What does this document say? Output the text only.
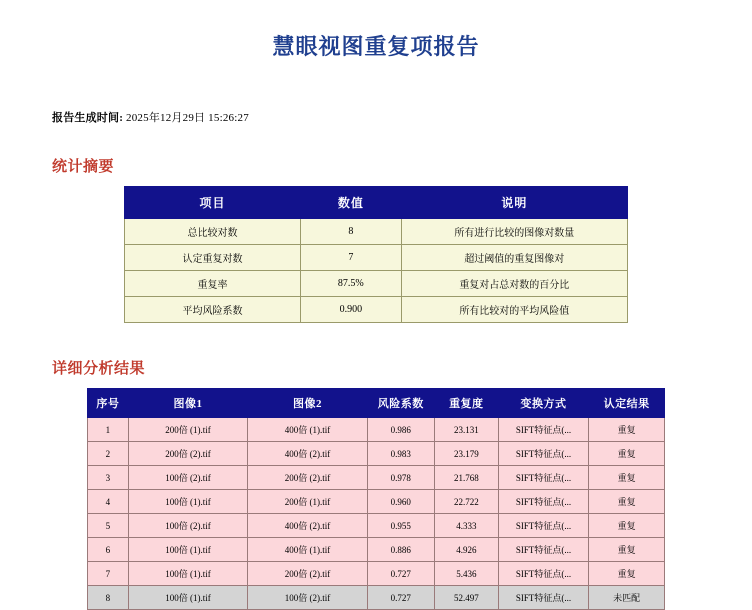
慧眼视图重复项报告
报告生成时间: 2025年12月29日 15:26:27
统计摘要
项目	数值	说明
总比较对数	8	所有进行比较的图像对数量
认定重复对数	7	超过阈值的重复图像对
重复率	87.5%	重复对占总对数的百分比
平均风险系数	0.900	所有比较对的平均风险值
详细分析结果
序号	图像1	图像2	风险系数	重复度	变换方式	认定结果
1	200倍 (1).tif	400倍 (1).tif	0.986	23.131	SIFT特征点(...	重复
2	200倍 (2).tif	400倍 (2).tif	0.983	23.179	SIFT特征点(...	重复
3	100倍 (2).tif	200倍 (2).tif	0.978	21.768	SIFT特征点(...	重复
4	100倍 (1).tif	200倍 (1).tif	0.960	22.722	SIFT特征点(...	重复
5	100倍 (2).tif	400倍 (2).tif	0.955	4.333	SIFT特征点(...	重复
6	100倍 (1).tif	400倍 (1).tif	0.886	4.926	SIFT特征点(...	重复
7	100倍 (1).tif	200倍 (2).tif	0.727	5.436	SIFT特征点(...	重复
8	100倍 (1).tif	100倍 (2).tif	0.727	52.497	SIFT特征点(...	未匹配
